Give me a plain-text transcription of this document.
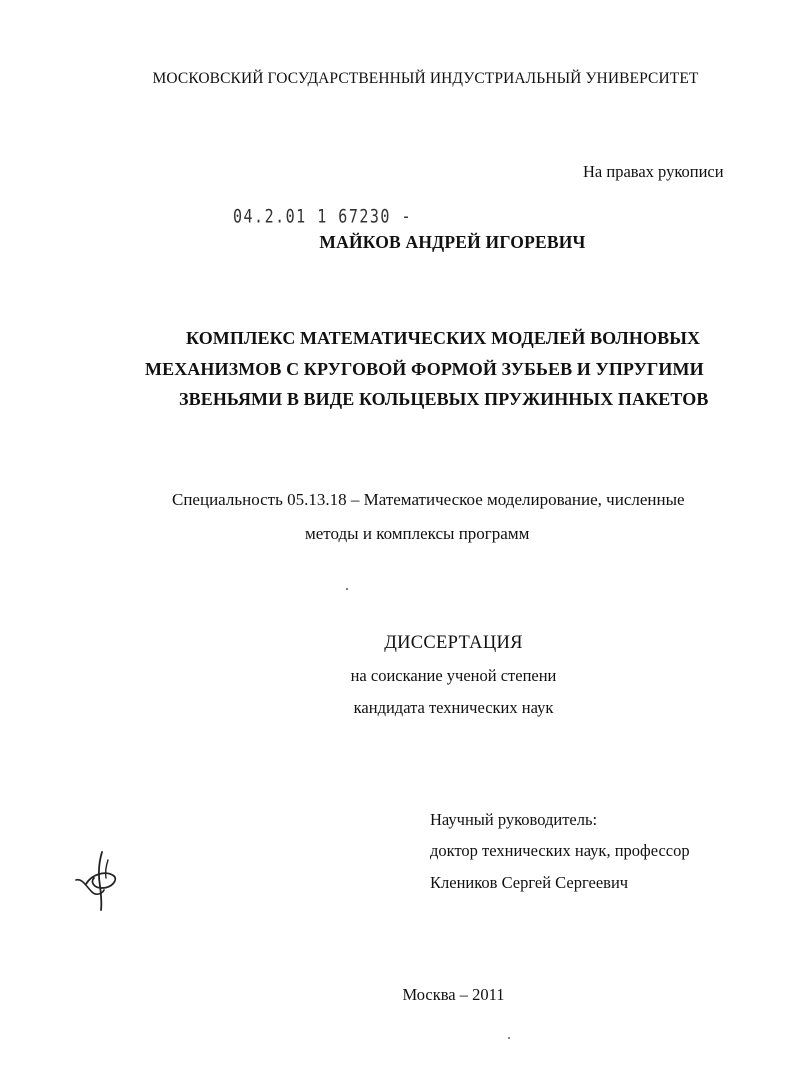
МОСКОВСКИЙ ГОСУДАРСТВЕННЫЙ ИНДУСТРИАЛЬНЫЙ УНИВЕРСИТЕТ
На правах рукописи
04.2.01 1 67230 -
МАЙКОВ АНДРЕЙ ИГОРЕВИЧ
КОМПЛЕКС МАТЕМАТИЧЕСКИХ МОДЕЛЕЙ ВОЛНОВЫХ
МЕХАНИЗМОВ С КРУГОВОЙ ФОРМОЙ ЗУБЬЕВ И УПРУГИМИ
ЗВЕНЬЯМИ В ВИДЕ КОЛЬЦЕВЫХ ПРУЖИННЫХ ПАКЕТОВ
Специальность 05.13.18 – Математическое моделирование, численные
методы и комплексы программ
ДИССЕРТАЦИЯ
на соискание ученой степени
кандидата технических наук
Научный руководитель:
доктор технических наук, профессор
Клеников Сергей Сергеевич
Москва – 2011
